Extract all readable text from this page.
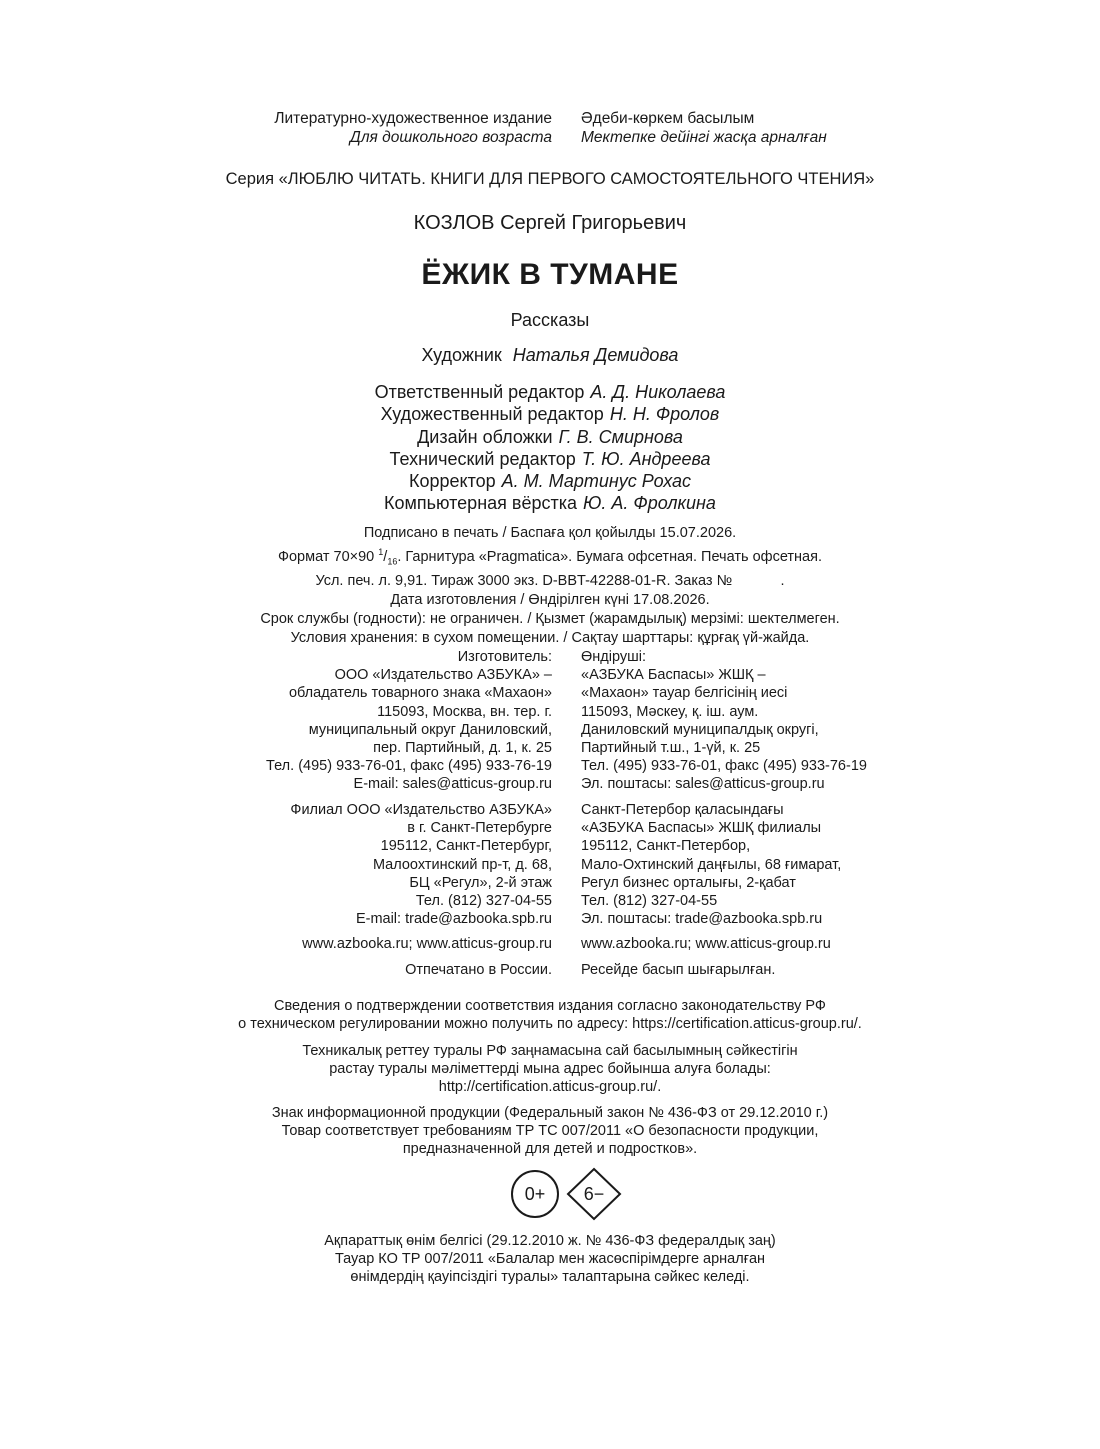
Литературно-художественное издание
Для дошкольного возраста
Әдеби-көркем басылым
Мектепке дейінгі жасқа арналған
Серия «ЛЮБЛЮ ЧИТАТЬ. КНИГИ ДЛЯ ПЕРВОГО САМОСТОЯТЕЛЬНОГО ЧТЕНИЯ»
КОЗЛОВ Сергей Григорьевич
ЁЖИК В ТУМАНЕ
Рассказы
Художник Наталья Демидова
Ответственный редактор А. Д. Николаева
Художественный редактор Н. Н. Фролов
Дизайн обложки Г. В. Смирнова
Технический редактор Т. Ю. Андреева
Корректор А. М. Мартинус Рохас
Компьютерная вёрстка Ю. А. Фролкина
Подписано в печать / Баспаға қол қойылды 15.07.2026.
Формат 70×90 $^1/_{16}$. Гарнитура «Pragmatica». Бумага офсетная. Печать офсетная.
Усл. печ. л. 9,91. Тираж 3000 экз. D-BBT-42288-01-R. Заказ №            .
Дата изготовления / Өндірілген күні 17.08.2026.
Срок службы (годности): не ограничен. / Қызмет (жарамдылық) мерзімі: шектелмеген.
Условия хранения: в сухом помещении. / Сақтау шарттары: құрғақ үй-жайда.
Изготовитель:
ООО «Издательство АЗБУКА» –
обладатель товарного знака «Махаон»
115093, Москва, вн. тер. г.
муниципальный округ Даниловский,
пер. Партийный, д. 1, к. 25
Тел. (495) 933-76-01, факс (495) 933-76-19
E-mail: sales@atticus-group.ru
Өндіруші:
«АЗБУКА Баспасы» ЖШҚ –
«Махаон» тауар белгісінің иесі
115093, Мәскеу, қ. іш. аум.
Даниловский муниципалдық округі,
Партийный т.ш., 1-үй, к. 25
Тел. (495) 933-76-01, факс (495) 933-76-19
Эл. поштасы: sales@atticus-group.ru
Филиал ООО «Издательство АЗБУКА»
в г. Санкт-Петербурге
195112, Санкт-Петербург,
Малоохтинский пр-т, д. 68,
БЦ «Регул», 2-й этаж
Тел. (812) 327-04-55
E-mail: trade@azbooka.spb.ru
Санкт-Петербор қаласындағы
«АЗБУКА Баспасы» ЖШҚ филиалы
195112, Санкт-Петербор,
Мало-Охтинский даңғылы, 68 ғимарат,
Регул бизнес орталығы, 2-қабат
Тел. (812) 327-04-55
Эл. поштасы: trade@azbooka.spb.ru
www.azbooka.ru; www.atticus-group.ru www.azbooka.ru; www.atticus-group.ru
Отпечатано в России. Ресейде басып шығарылған.
Сведения о подтверждении соответствия издания согласно законодательству РФ
о техническом регулировании можно получить по адресу: https://certification.atticus-group.ru/.
Техникалық реттеу туралы РФ заңнамасына сай басылымның сәйкестігін
растау туралы мәліметтерді мына адрес бойынша алуға болады:
http://certification.atticus-group.ru/.
Знак информационной продукции (Федеральный закон № 436-ФЗ от 29.12.2010 г.)
Товар соответствует требованиям ТР ТС 007/2011 «О безопасности продукции,
предназначенной для детей и подростков».
0+ 6−
Ақпараттық өнім белгісі (29.12.2010 ж. № 436-ФЗ федералдық заң)
Тауар КО ТР 007/2011 «Балалар мен жасөспірімдерге арналған
өнімдердің қауіпсіздігі туралы» талаптарына сәйкес келеді.
